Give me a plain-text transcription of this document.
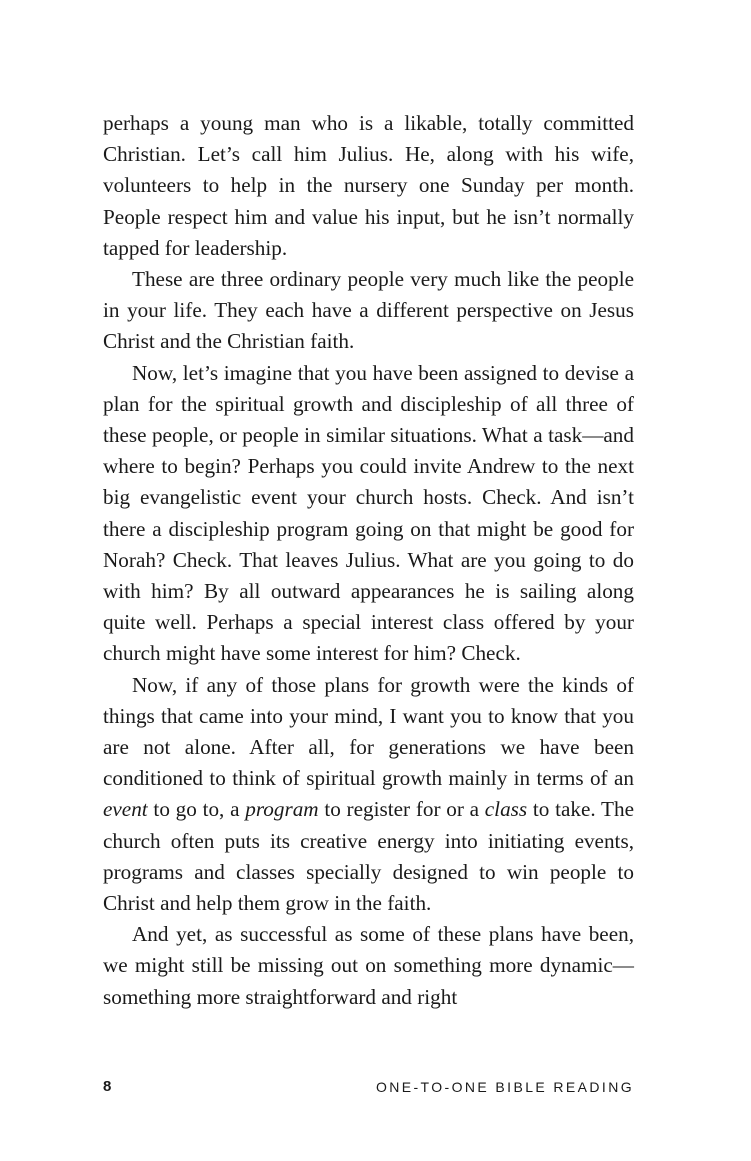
perhaps a young man who is a likable, totally committed Christian. Let’s call him Julius. He, along with his wife, volunteers to help in the nursery one Sunday per month. People respect him and value his input, but he isn’t normally tapped for leadership.

These are three ordinary people very much like the people in your life. They each have a different perspective on Jesus Christ and the Christian faith.

Now, let’s imagine that you have been assigned to devise a plan for the spiritual growth and discipleship of all three of these people, or people in similar situations. What a task—and where to begin? Perhaps you could invite Andrew to the next big evangelistic event your church hosts. Check. And isn’t there a discipleship program going on that might be good for Norah? Check. That leaves Julius. What are you going to do with him? By all outward appearances he is sailing along quite well. Perhaps a special interest class offered by your church might have some interest for him? Check.

Now, if any of those plans for growth were the kinds of things that came into your mind, I want you to know that you are not alone. After all, for generations we have been conditioned to think of spiritual growth mainly in terms of an event to go to, a program to register for or a class to take. The church often puts its creative energy into initiating events, programs and classes specially designed to win people to Christ and help them grow in the faith.

And yet, as successful as some of these plans have been, we might still be missing out on something more dynamic—something more straightforward and right

8	ONE-TO-ONE BIBLE READING
